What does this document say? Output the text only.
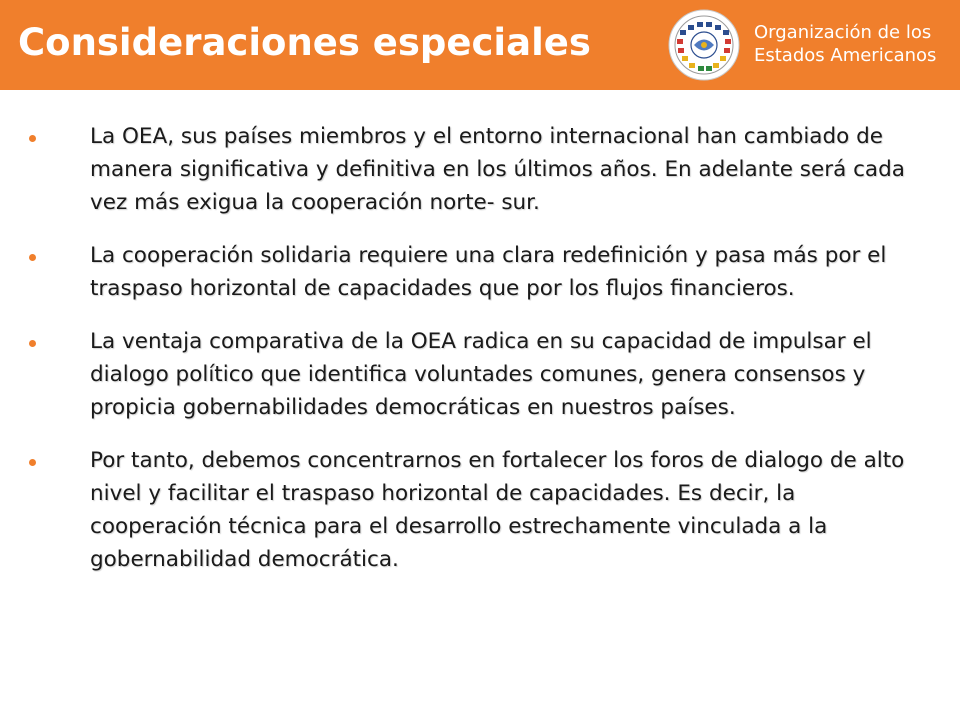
Consideraciones especiales	Organización de los
Estados Americanos
La OEA, sus países miembros y el entorno internacional han cambiado de manera significativa y definitiva en los últimos años. En adelante será cada vez más exigua la cooperación norte- sur.
La cooperación solidaria requiere una clara redefinición y pasa más por el traspaso horizontal de capacidades que por los flujos financieros.
La ventaja comparativa de la OEA radica en su capacidad de impulsar el dialogo político que identifica voluntades comunes, genera consensos y propicia gobernabilidades democráticas en nuestros países.
Por tanto, debemos concentrarnos en fortalecer los foros de dialogo de alto nivel y facilitar el traspaso horizontal de capacidades. Es decir, la cooperación técnica para el desarrollo estrechamente vinculada a la gobernabilidad democrática.
